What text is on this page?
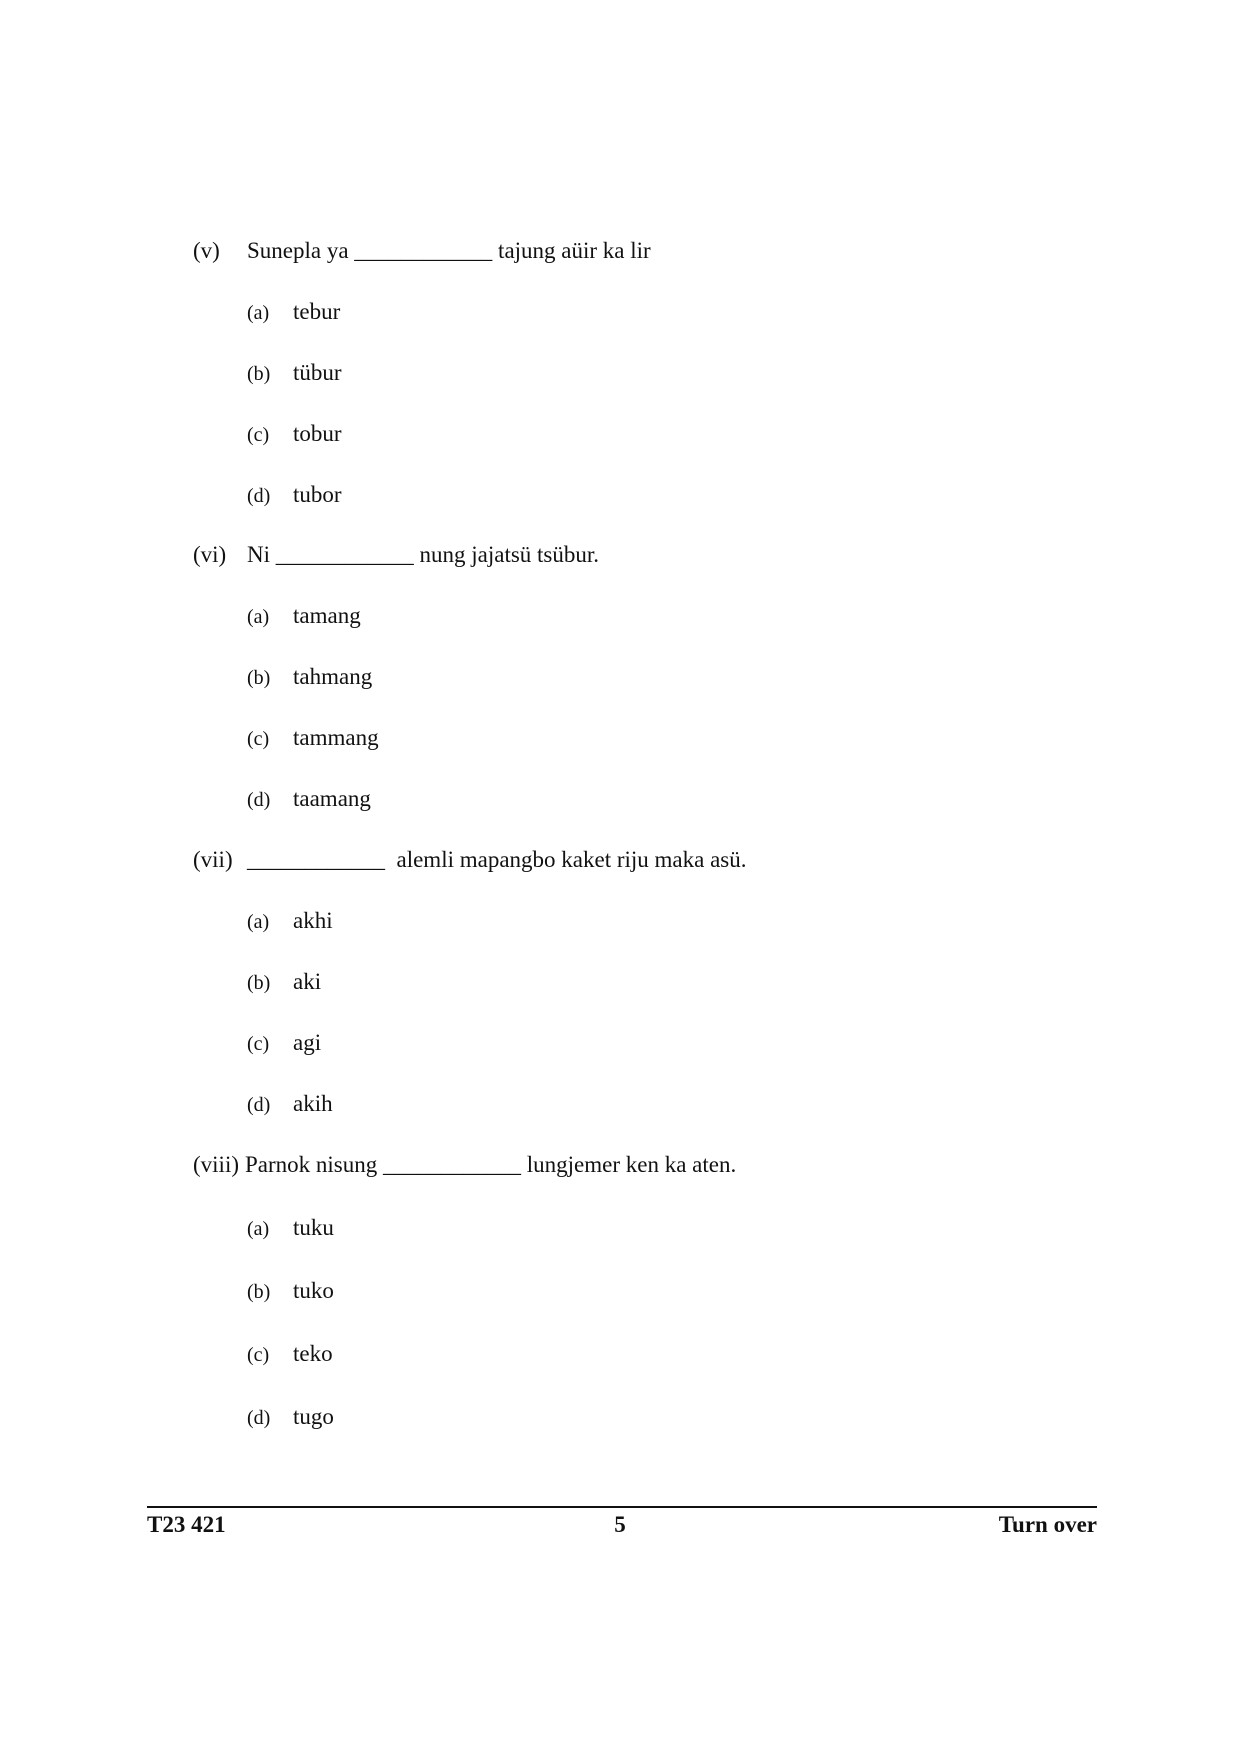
(v) Sunepla ya ____________ tajung aüir ka lir
(a) tebur
(b) tübur
(c) tobur
(d) tubor
(vi) Ni ____________ nung jajatsü tsübur.
(a) tamang
(b) tahmang
(c) tammang
(d) taamang
(vii) ____________  alemli mapangbo kaket riju maka asü.
(a) akhi
(b) aki
(c) agi
(d) akih
(viii) Parnok nisung ____________ lungjemer ken ka aten.
(a) tuku
(b) tuko
(c) teko
(d) tugo
T23 421	5	Turn over
